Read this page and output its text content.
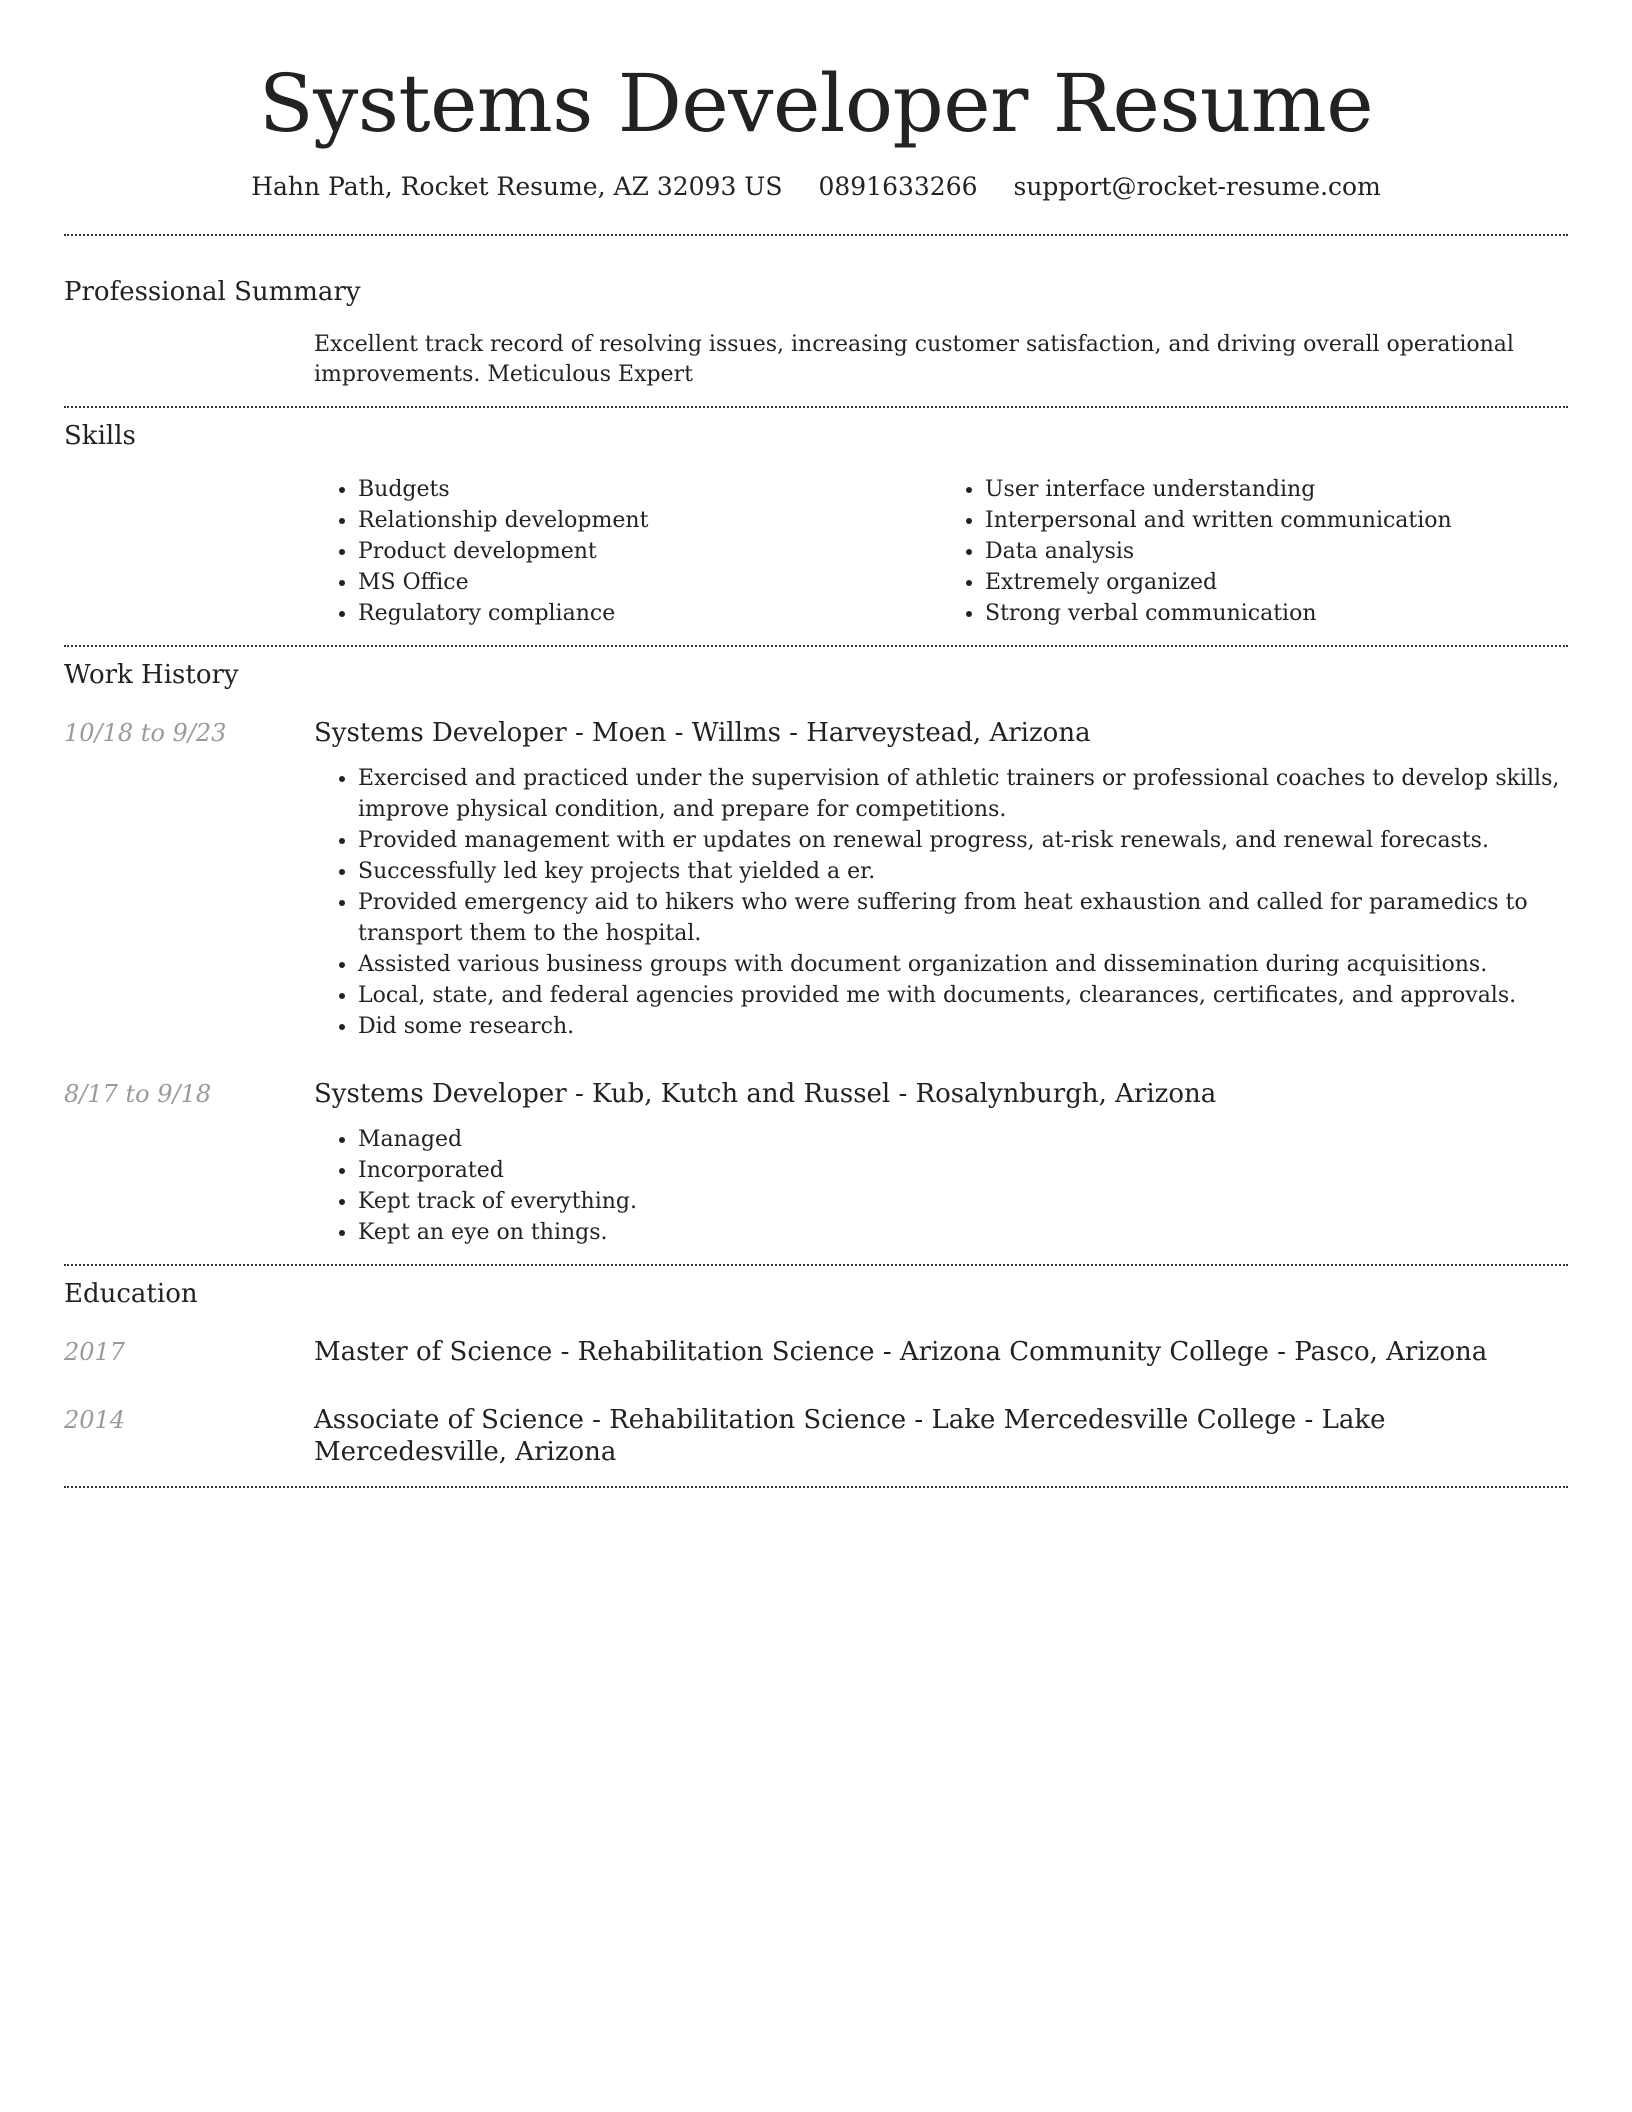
Systems Developer Resume
Hahn Path, Rocket Resume, AZ 32093 US 0891633266 support@rocket-resume.com
Professional Summary
Excellent track record of resolving issues, increasing customer satisfaction, and driving overall operational improvements. Meticulous Expert
Skills
• Budgets
• Relationship development
• Product development
• MS Office
• Regulatory compliance
• User interface understanding
• Interpersonal and written communication
• Data analysis
• Extremely organized
• Strong verbal communication
Work History
10/18 to 9/23	Systems Developer - Moen - Willms - Harveystead, Arizona
• Exercised and practiced under the supervision of athletic trainers or professional coaches to develop skills, improve physical condition, and prepare for competitions.
• Provided management with er updates on renewal progress, at-risk renewals, and renewal forecasts.
• Successfully led key projects that yielded a er.
• Provided emergency aid to hikers who were suffering from heat exhaustion and called for paramedics to transport them to the hospital.
• Assisted various business groups with document organization and dissemination during acquisitions.
• Local, state, and federal agencies provided me with documents, clearances, certificates, and approvals.
• Did some research.
8/17 to 9/18	Systems Developer - Kub, Kutch and Russel - Rosalynburgh, Arizona
• Managed
• Incorporated
• Kept track of everything.
• Kept an eye on things.
Education
2017	Master of Science - Rehabilitation Science - Arizona Community College - Pasco, Arizona
2014	Associate of Science - Rehabilitation Science - Lake Mercedesville College - Lake Mercedesville, Arizona
